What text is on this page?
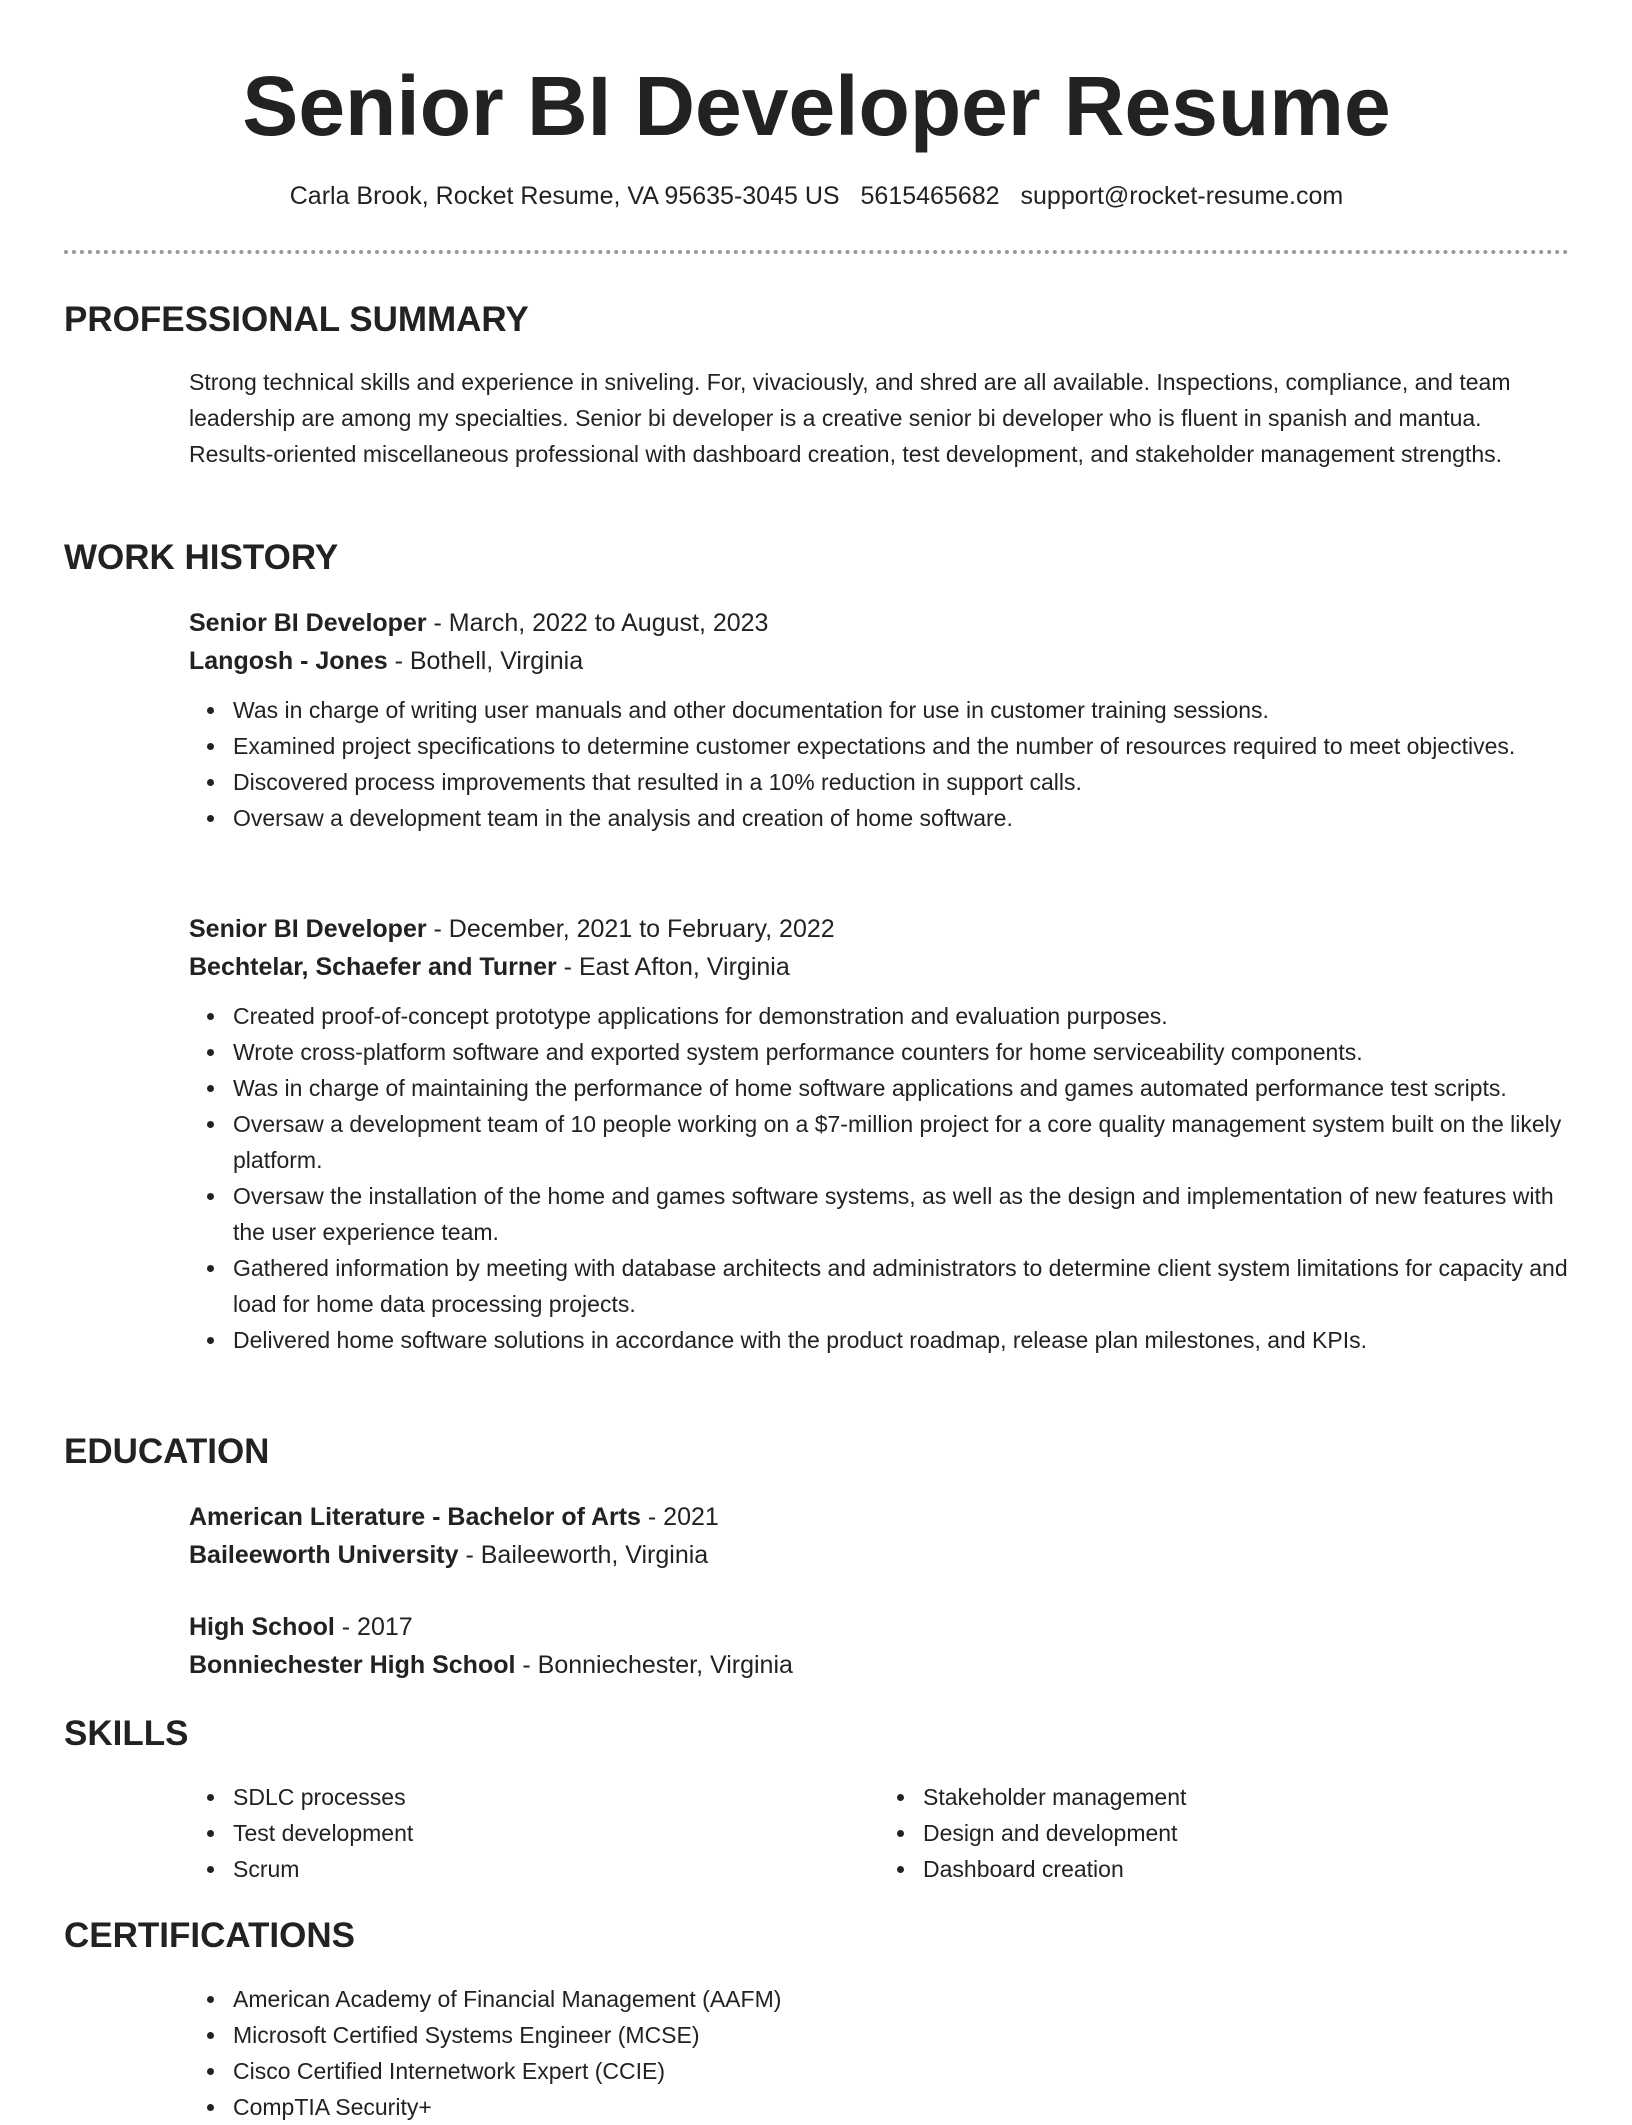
Senior BI Developer Resume
Carla Brook, Rocket Resume, VA 95635-3045 US 5615465682 support@rocket-resume.com
PROFESSIONAL SUMMARY

Strong technical skills and experience in sniveling. For, vivaciously, and shred are all available. Inspections, compliance, and team leadership are among my specialties. Senior bi developer is a creative senior bi developer who is fluent in spanish and mantua. Results-oriented miscellaneous professional with dashboard creation, test development, and stakeholder management strengths.

WORK HISTORY

Senior BI Developer - March, 2022 to August, 2023

Langosh - Jones - Bothell, Virginia

Was in charge of writing user manuals and other documentation for use in customer training sessions.
Examined project specifications to determine customer expectations and the number of resources required to meet objectives.
Discovered process improvements that resulted in a 10% reduction in support calls.
Oversaw a development team in the analysis and creation of home software.

Senior BI Developer - December, 2021 to February, 2022

Bechtelar, Schaefer and Turner - East Afton, Virginia

Created proof-of-concept prototype applications for demonstration and evaluation purposes.
Wrote cross-platform software and exported system performance counters for home serviceability components.
Was in charge of maintaining the performance of home software applications and games automated performance test scripts.
Oversaw a development team of 10 people working on a $7-million project for a core quality management system built on the likely platform.
Oversaw the installation of the home and games software systems, as well as the design and implementation of new features with the user experience team.
Gathered information by meeting with database architects and administrators to determine client system limitations for capacity and load for home data processing projects.
Delivered home software solutions in accordance with the product roadmap, release plan milestones, and KPIs.
EDUCATION

American Literature - Bachelor of Arts - 2021

Baileeworth University - Baileeworth, Virginia

High School - 2017

Bonniechester High School - Bonniechester, Virginia

SKILLS
SDLC processes
Test development
Scrum
Stakeholder management
Design and development
Dashboard creation
CERTIFICATIONS
American Academy of Financial Management (AAFM)
Microsoft Certified Systems Engineer (MCSE)
Cisco Certified Internetwork Expert (CCIE)
CompTIA Security+
